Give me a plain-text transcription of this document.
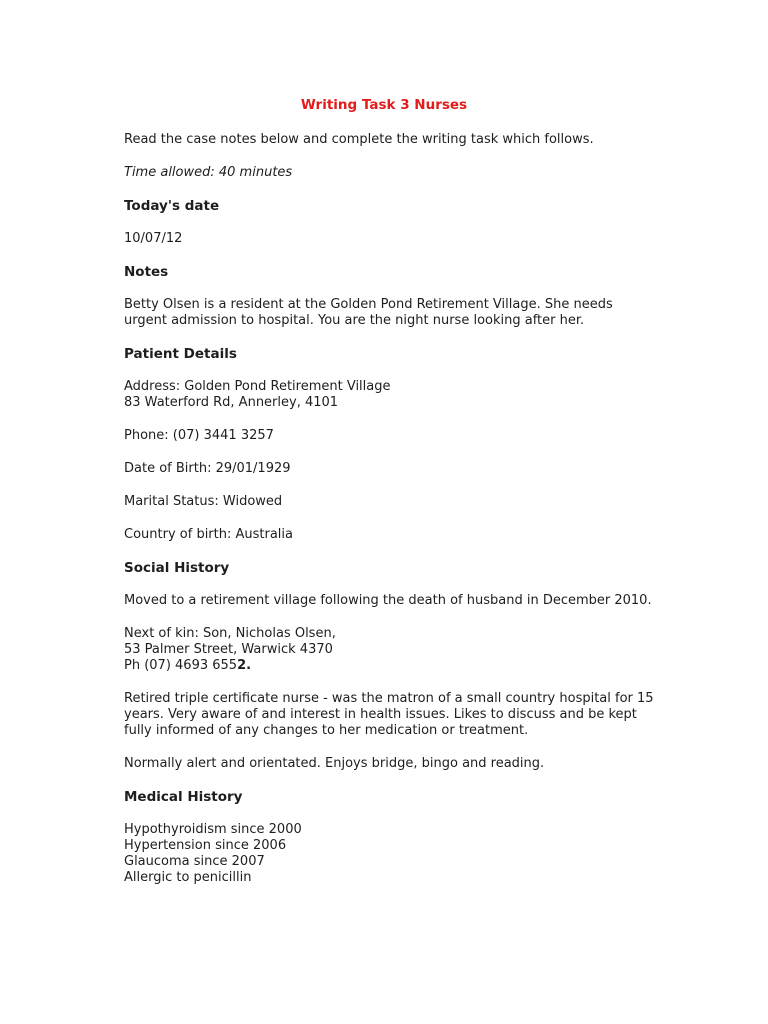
Writing Task 3 Nurses

Read the case notes below and complete the writing task which follows.

Time allowed: 40 minutes

Today's date

10/07/12

Notes

Betty Olsen is a resident at the Golden Pond Retirement Village. She needs
urgent admission to hospital. You are the night nurse looking after her.

Patient Details

Address: Golden Pond Retirement Village
83 Waterford Rd, Annerley, 4101

Phone: (07) 3441 3257

Date of Birth: 29/01/1929

Marital Status: Widowed

Country of birth: Australia

Social History

Moved to a retirement village following the death of husband in December 2010.

Next of kin: Son, Nicholas Olsen,
53 Palmer Street, Warwick 4370
Ph (07) 4693 6552.

Retired triple certificate nurse - was the matron of a small country hospital for 15
years. Very aware of and interest in health issues. Likes to discuss and be kept
fully informed of any changes to her medication or treatment.

Normally alert and orientated. Enjoys bridge, bingo and reading.

Medical History

Hypothyroidism since 2000
Hypertension since 2006
Glaucoma since 2007
Allergic to penicillin
